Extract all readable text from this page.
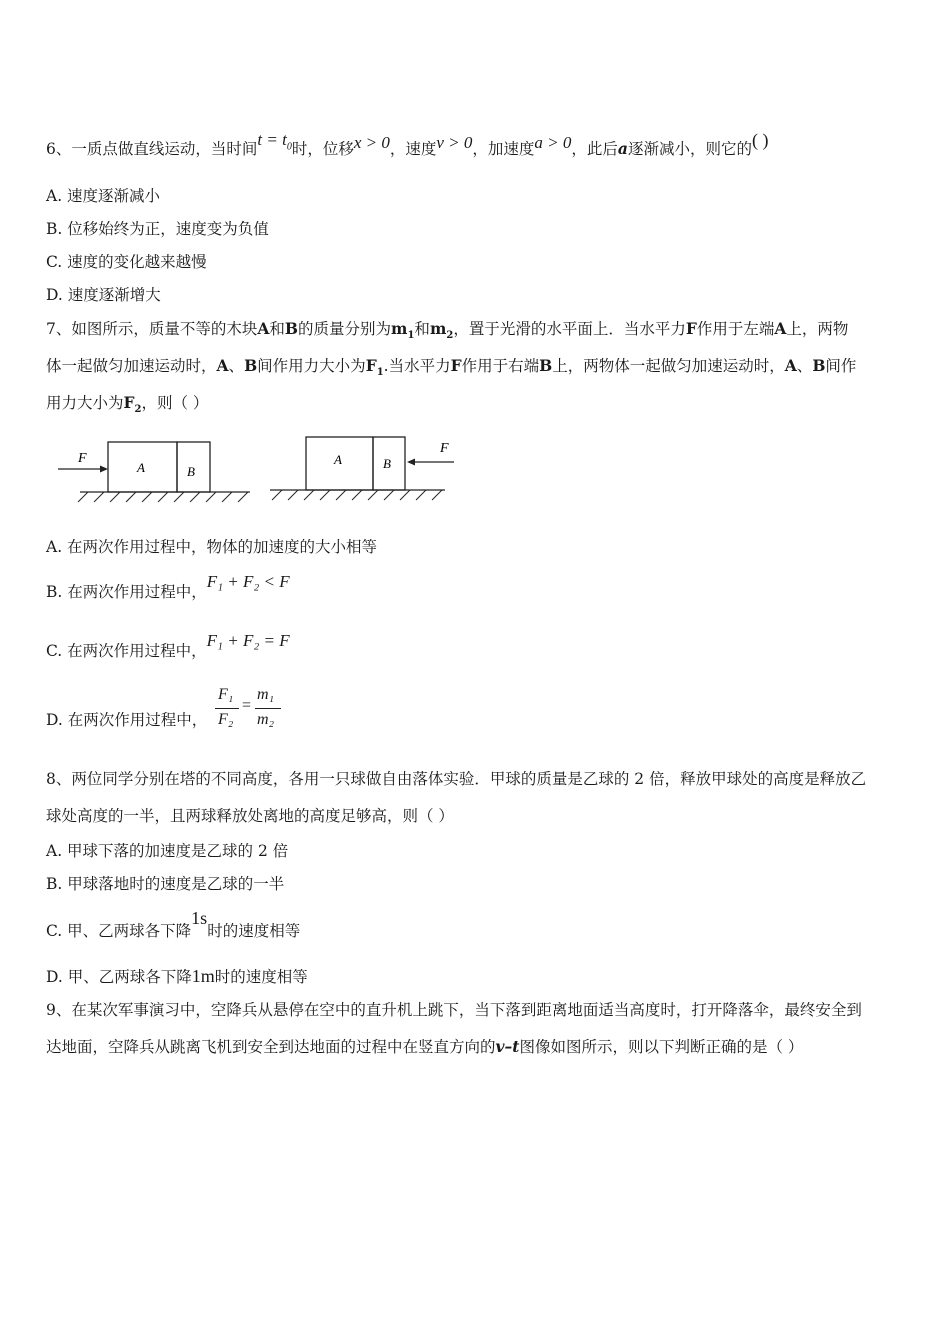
6、一质点做直线运动，当时间$t = t_0$时，位移x > 0，速度v > 0，加速度a > 0，此后a逐渐减小，则它的( )
A. 速度逐渐减小
B. 位移始终为正，速度变为负值
C. 速度的变化越来越慢
D. 速度逐渐增大
7、如图所示，质量不等的木块A和B的质量分别为$m_1$和$m_2$，置于光滑的水平面上．当水平力F作用于左端A上，两物
体一起做匀加速运动时，A、B间作用力大小为$F_1$.当水平力F作用于右端B上，两物体一起做匀加速运动时，A、B间作
用力大小为$F_2$，则（ ）
F
A	B
F
A	B
A. 在两次作用过程中，物体的加速度的大小相等
B. 在两次作用过程中，F₁ + F₂ < F
C. 在两次作用过程中，F₁ + F₂ = F
D. 在两次作用过程中，
F₁
F₂
=
m₁
m₂
8、两位同学分别在塔的不同高度，各用一只球做自由落体实验．甲球的质量是乙球的 2 倍，释放甲球处的高度是释放乙
球处高度的一半，且两球释放处离地的高度足够高，则（ ）
A. 甲球下落的加速度是乙球的 2 倍
B. 甲球落地时的速度是乙球的一半
C. 甲、乙两球各下降1s时的速度相等
D. 甲、乙两球各下降1m时的速度相等
9、在某次军事演习中，空降兵从悬停在空中的直升机上跳下，当下落到距离地面适当高度时，打开降落伞，最终安全到
达地面，空降兵从跳离飞机到安全到达地面的过程中在竖直方向的v–t图像如图所示，则以下判断正确的是（ ）
